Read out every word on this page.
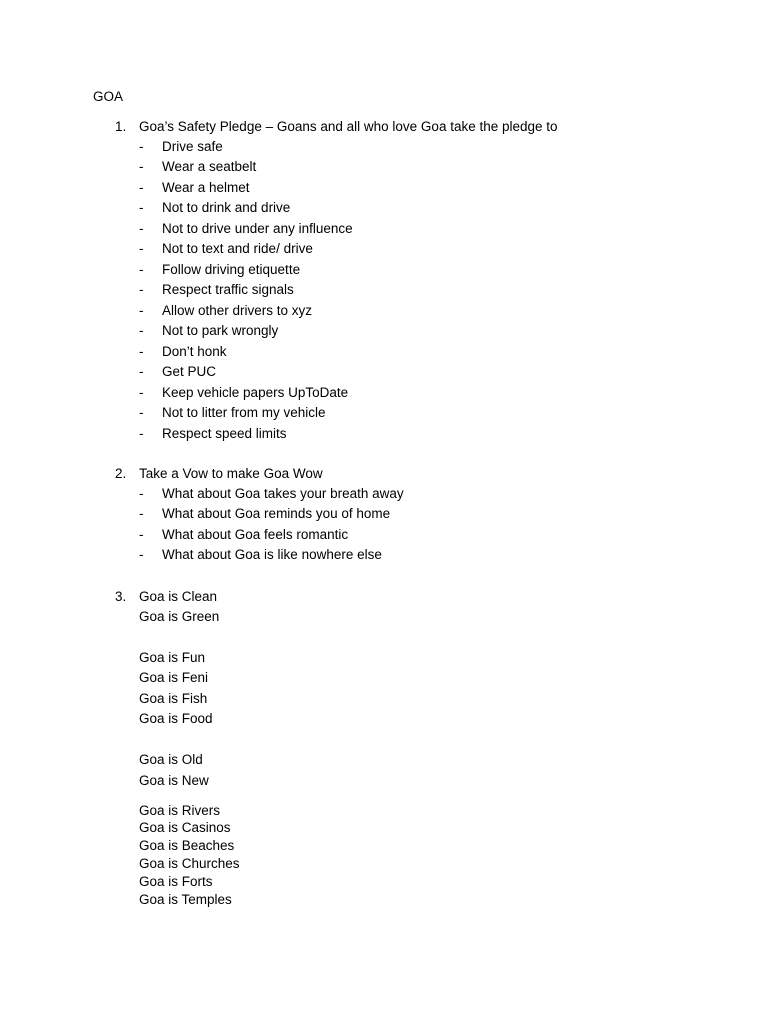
GOA
1. Goa’s Safety Pledge – Goans and all who love Goa take the pledge to
- Drive safe
- Wear a seatbelt
- Wear a helmet
- Not to drink and drive
- Not to drive under any influence
- Not to text and ride/ drive
- Follow driving etiquette
- Respect traffic signals
- Allow other drivers to xyz
- Not to park wrongly
- Don’t honk
- Get PUC
- Keep vehicle papers UpToDate
- Not to litter from my vehicle
- Respect speed limits
2. Take a Vow to make Goa Wow
- What about Goa takes your breath away
- What about Goa reminds you of home
- What about Goa feels romantic
- What about Goa is like nowhere else
3. Goa is Clean
Goa is Green
Goa is Fun
Goa is Feni
Goa is Fish
Goa is Food
Goa is Old
Goa is New
Goa is Rivers
Goa is Casinos
Goa is Beaches
Goa is Churches
Goa is Forts
Goa is Temples
